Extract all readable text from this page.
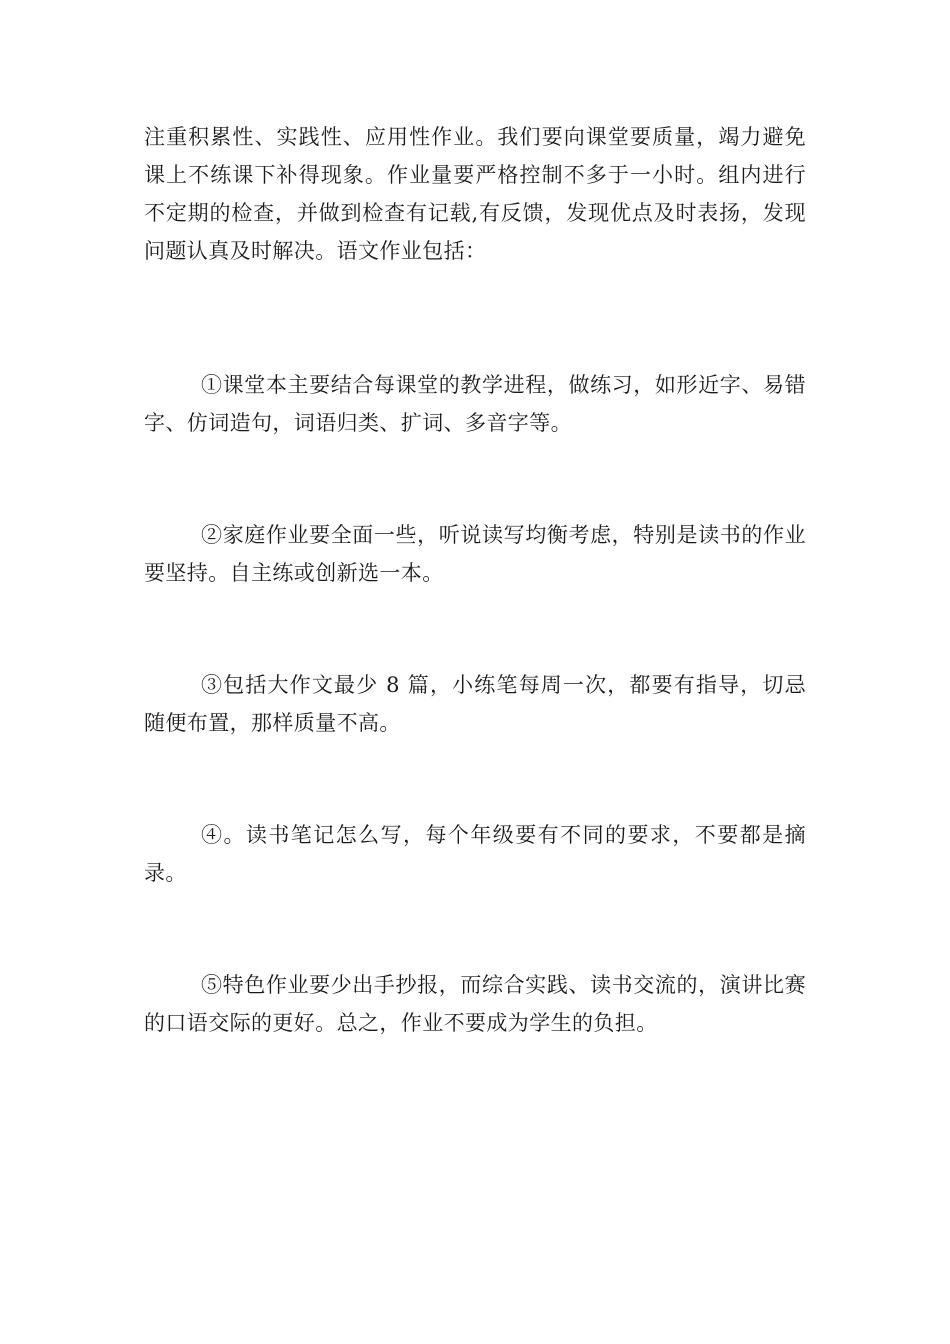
注重积累性、实践性、应用性作业。我们要向课堂要质量，竭力避免课上不练课下补得现象。作业量要严格控制不多于一小时。组内进行不定期的检查，并做到检查有记载,有反馈，发现优点及时表扬，发现问题认真及时解决。语文作业包括：

①课堂本主要结合每课堂的教学进程，做练习，如形近字、易错字、仿词造句，词语归类、扩词、多音字等。

②家庭作业要全面一些，听说读写均衡考虑，特别是读书的作业要坚持。自主练或创新选一本。

③包括大作文最少 8 篇，小练笔每周一次，都要有指导，切忌随便布置，那样质量不高。

④。读书笔记怎么写，每个年级要有不同的要求，不要都是摘录。

⑤特色作业要少出手抄报，而综合实践、读书交流的，演讲比赛的口语交际的更好。总之，作业不要成为学生的负担。
